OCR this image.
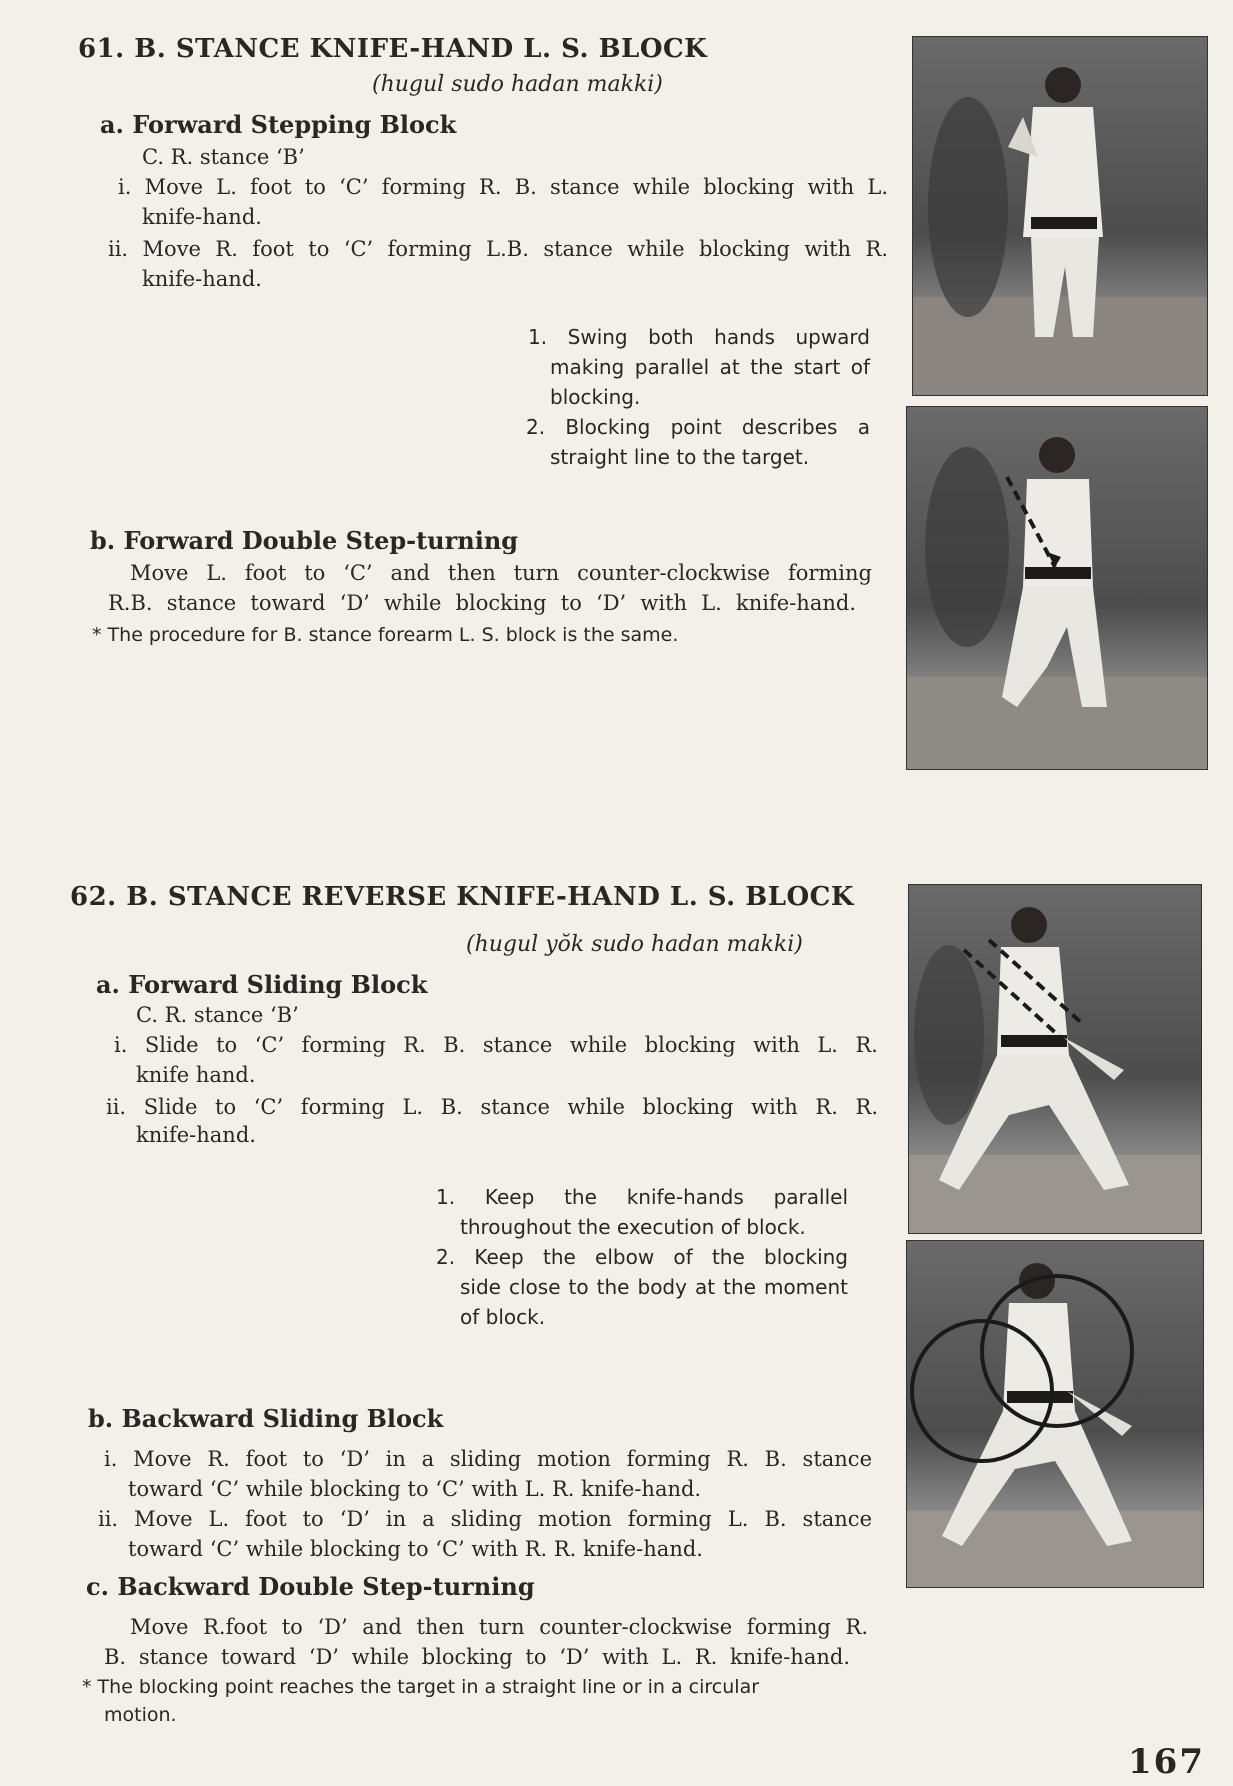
61. B. STANCE KNIFE-HAND L. S. BLOCK
(hugul sudo hadan makki)
a. Forward Stepping Block
C. R. stance ‘B’
i. Move L. foot to ‘C’ forming R. B. stance while blocking with L.
knife-hand.
ii. Move R. foot to ‘C’ forming L.B. stance while blocking with R.
knife-hand.
1. Swing both hands upward
making parallel at the start of
blocking.
2. Blocking point describes a
straight line to the target.
b. Forward Double Step-turning
Move L. foot to ‘C’ and then turn counter-clockwise forming
R.B. stance toward ‘D’ while blocking to ‘D’ with L. knife-hand.
* The procedure for B. stance forearm L. S. block is the same.
62. B. STANCE REVERSE KNIFE-HAND L. S. BLOCK
(hugul yŏk sudo hadan makki)
a. Forward Sliding Block
C. R. stance ‘B’
i. Slide to ‘C’ forming R. B. stance while blocking with L. R.
knife hand.
ii. Slide to ‘C’ forming L. B. stance while blocking with R. R.
knife-hand.
1. Keep the knife-hands parallel
throughout the execution of block.
2. Keep the elbow of the blocking
side close to the body at the moment
of block.
b. Backward Sliding Block
i. Move R. foot to ‘D’ in a sliding motion forming R. B. stance
toward ‘C’ while blocking to ‘C’ with L. R. knife-hand.
ii. Move L. foot to ‘D’ in a sliding motion forming L. B. stance
toward ‘C’ while blocking to ‘C’ with R. R. knife-hand.
c. Backward Double Step-turning
Move R.foot to ‘D’ and then turn counter-clockwise forming R.
B. stance toward ‘D’ while blocking to ‘D’ with L. R. knife-hand.
* The blocking point reaches the target in a straight line or in a circular
motion.
167
